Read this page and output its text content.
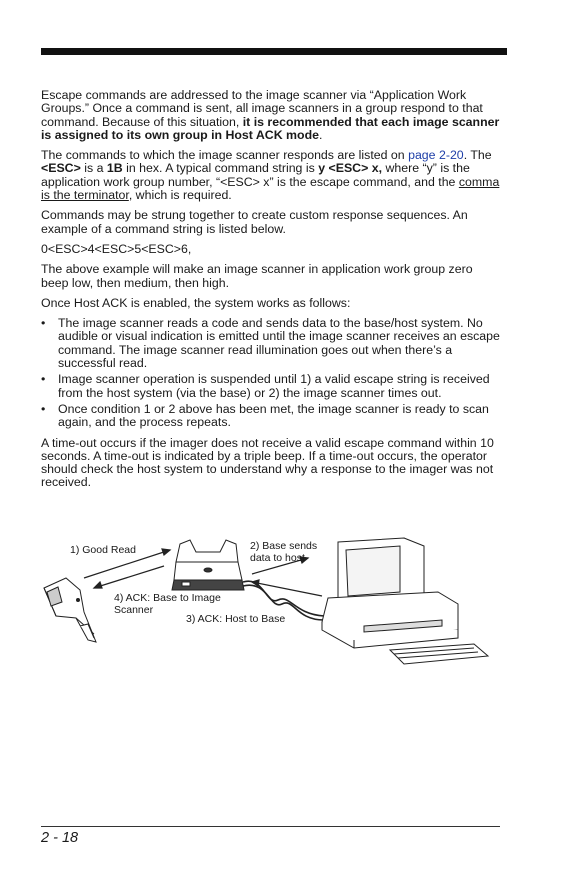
Escape commands are addressed to the image scanner via “Application Work Groups.” Once a command is sent, all image scanners in a group respond to that command. Because of this situation, it is recommended that each image scanner is assigned to its own group in Host ACK mode.

The commands to which the image scanner responds are listed on page 2-20. The <ESC> is a 1B in hex. A typical command string is y <ESC> x, where “y” is the application work group number, “<ESC> x” is the escape command, and the comma is the terminator, which is required.

Commands may be strung together to create custom response sequences. An example of a command string is listed below.

0<ESC>4<ESC>5<ESC>6,

The above example will make an image scanner in application work group zero beep low, then medium, then high.

Once Host ACK is enabled, the system works as follows:

• The image scanner reads a code and sends data to the base/host system. No audible or visual indication is emitted until the image scanner receives an escape command. The image scanner read illumination goes out when there’s a successful read.
• Image scanner operation is suspended until 1) a valid escape string is received from the host system (via the base) or 2) the image scanner times out.
• Once condition 1 or 2 above has been met, the image scanner is ready to scan again, and the process repeats.

A time-out occurs if the imager does not receive a valid escape command within 10 seconds. A time-out is indicated by a triple beep. If a time-out occurs, the operator should check the host system to understand why a response to the imager was not received.

1) Good Read	2) Base sends
data to host
4) ACK: Base to Image
Scanner
3) ACK: Host to Base
2 - 18
